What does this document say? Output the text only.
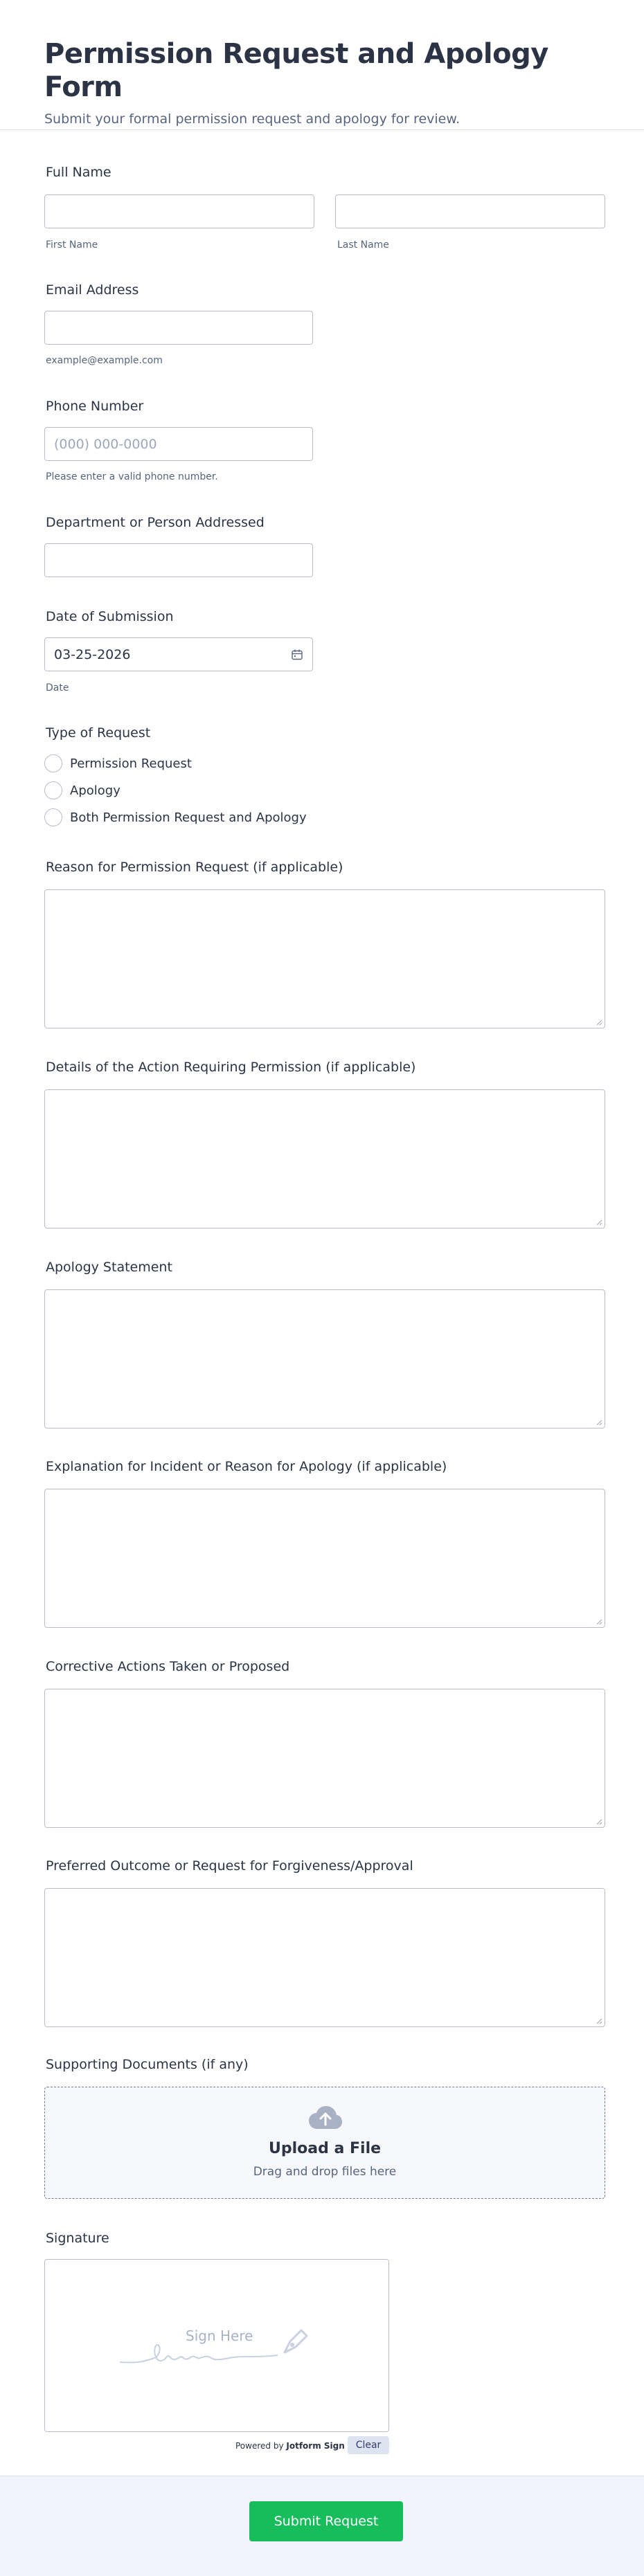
Permission Request and Apology Form

Submit your formal permission request and apology for review.

Full Name
First Name	Last Name
Email Address
example@example.com
Phone Number
(000) 000-0000
Please enter a valid phone number.
Department or Person Addressed
Date of Submission
03-25-2026
Date
Type of Request
Permission Request
Apology
Both Permission Request and Apology
Reason for Permission Request (if applicable)
Details of the Action Requiring Permission (if applicable)
Apology Statement
Explanation for Incident or Reason for Apology (if applicable)
Corrective Actions Taken or Proposed
Preferred Outcome or Request for Forgiveness/Approval
Supporting Documents (if any)
Upload a File
Drag and drop files here
Signature
Sign Here
Powered by Jotform Sign	Clear
Submit Request
